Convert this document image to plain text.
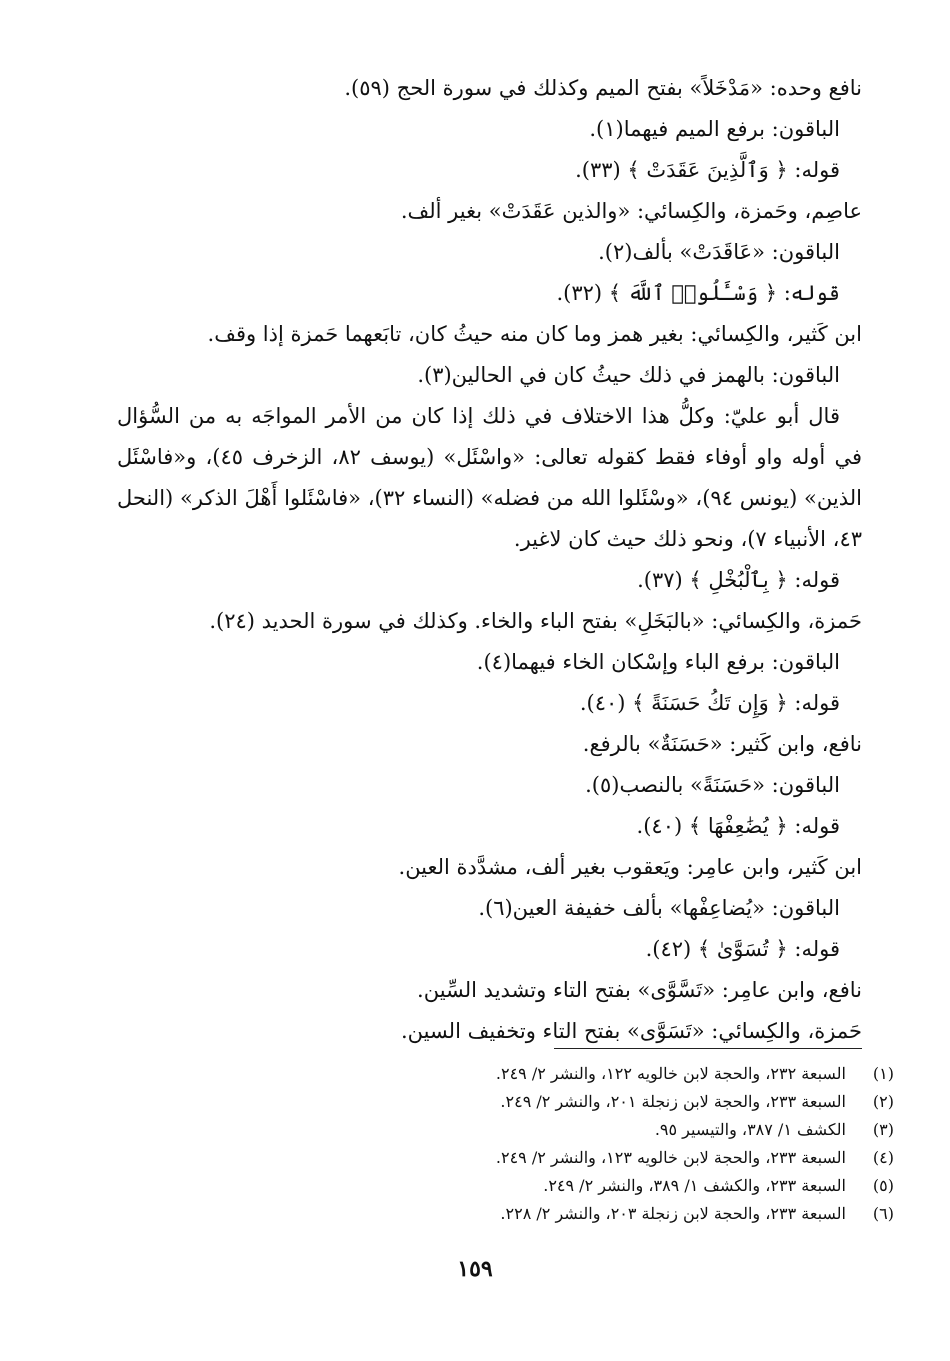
نافع وحده: «مَدْخَلاً» بفتح الميم وكذلك في سورة الحج (٥٩).
الباقون: برفع الميم فيهما(١).
قوله: ﴿ وَٱلَّذِينَ عَقَدَتْ ﴾ (٣٣).
عاصِم، وحَمزة، والكِسائي: «والذين عَقَدَتْ» بغير ألف.
الباقون: «عَاقَدَتْ» بألف(٢).
قوله: ﴿ وَسْـَٔلُوا۟ ٱللَّهَ ﴾ (٣٢).
ابن كَثير، والكِسائي: بغير همز وما كان منه حيثُ كان، تابَعهما حَمزة إذا وقف.
الباقون: بالهمز في ذلك حيثُ كان في الحالين(٣).
قال أبو عليّ: وكلُّ هذا الاختلاف في ذلك إذا كان من الأمر المواجَه به من السُّؤال
في أوله واو أوفاء فقط كقوله تعالى: «واسْئَل» (يوسف ٨٢، الزخرف ٤٥)، و«فاسْئَل
الذين» (يونس ٩٤)، «وسْئَلوا الله من فضله» (النساء ٣٢)، «فاسْئَلوا أَهْلَ الذكر» (النحل
٤٣، الأنبياء ٧)، ونحو ذلك حيث كان لاغير.
قوله: ﴿ بِٱلْبُخْلِ ﴾ (٣٧).
حَمزة، والكِسائي: «بالبَخَلِ» بفتح الباء والخاء. وكذلك في سورة الحديد (٢٤).
الباقون: برفع الباء وإسْكان الخاء فيهما(٤).
قوله: ﴿ وَإِن تَكُ حَسَنَةً ﴾ (٤٠).
نافع، وابن كَثير: «حَسَنَةٌ» بالرفع.
الباقون: «حَسَنَةً» بالنصب(٥).
قوله: ﴿ يُضَٰعِفْهَا ﴾ (٤٠).
ابن كَثير، وابن عامِر: ويَعقوب بغير ألف، مشدَّدة العين.
الباقون: «يُضاعِفْها» بألف خفيفة العين(٦).
قوله: ﴿ تُسَوَّىٰ ﴾ (٤٢).
نافع، وابن عامِر: «تَسَّوَّى» بفتح التاء وتشديد السِّين.
حَمزة، والكِسائي: «تَسَوَّى» بفتح التاء وتخفيف السين.
(١)
السبعة ٢٣٢، والحجة لابن خالويه ١٢٢، والنشر ٢/ ٢٤٩.
(٢)
السبعة ٢٣٣، والحجة لابن زنجلة ٢٠١، والنشر ٢/ ٢٤٩.
(٣)
الكشف ١/ ٣٨٧، والتيسير ٩٥.
(٤)
السبعة ٢٣٣، والحجة لابن خالويه ١٢٣، والنشر ٢/ ٢٤٩.
(٥)
السبعة ٢٣٣، والكشف ١/ ٣٨٩، والنشر ٢/ ٢٤٩.
(٦)
السبعة ٢٣٣، والحجة لابن زنجلة ٢٠٣، والنشر ٢/ ٢٢٨.
١٥٩
